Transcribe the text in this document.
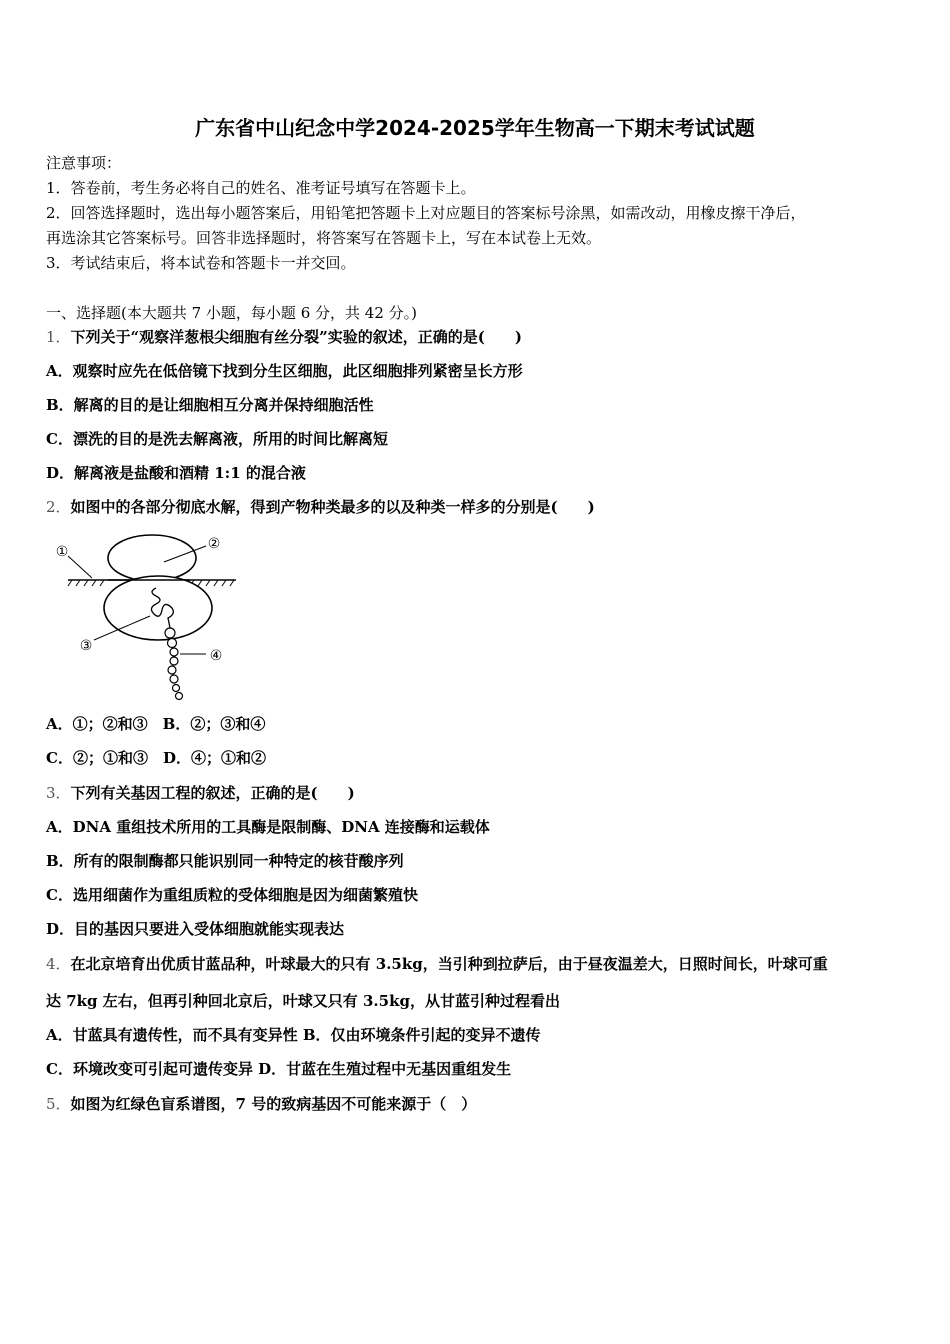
广东省中山纪念中学2024-2025学年生物高一下期末考试试题
注意事项：
1．答卷前，考生务必将自己的姓名、准考证号填写在答题卡上。
2．回答选择题时，选出每小题答案后，用铅笔把答题卡上对应题目的答案标号涂黑，如需改动，用橡皮擦干净后，
再选涂其它答案标号。回答非选择题时，将答案写在答题卡上，写在本试卷上无效。
3．考试结束后，将本试卷和答题卡一并交回。
一、选择题(本大题共 7 小题，每小题 6 分，共 42 分。)
1．下列关于“观察洋葱根尖细胞有丝分裂”实验的叙述，正确的是(　　)
A．观察时应先在低倍镜下找到分生区细胞，此区细胞排列紧密呈长方形
B．解离的目的是让细胞相互分离并保持细胞活性
C．漂洗的目的是洗去解离液，所用的时间比解离短
D．解离液是盐酸和酒精 1:1 的混合液
2．如图中的各部分彻底水解，得到产物种类最多的以及种类一样多的分别是(　　)
①	②
③
④
A．①；②和③　B．②；③和④
C．②；①和③　D．④；①和②
3．下列有关基因工程的叙述，正确的是(　　)
A．DNA 重组技术所用的工具酶是限制酶、DNA 连接酶和运载体
B．所有的限制酶都只能识别同一种特定的核苷酸序列
C．选用细菌作为重组质粒的受体细胞是因为细菌繁殖快
D．目的基因只要进入受体细胞就能实现表达
4．在北京培育出优质甘蓝品种，叶球最大的只有 3.5kg，当引种到拉萨后，由于昼夜温差大，日照时间长，叶球可重
达 7kg 左右，但再引种回北京后，叶球又只有 3.5kg，从甘蓝引种过程看出
A．甘蓝具有遗传性，而不具有变异性 B．仅由环境条件引起的变异不遗传
C．环境改变可引起可遗传变异 D．甘蓝在生殖过程中无基因重组发生
5．如图为红绿色盲系谱图，7 号的致病基因不可能来源于（　）
